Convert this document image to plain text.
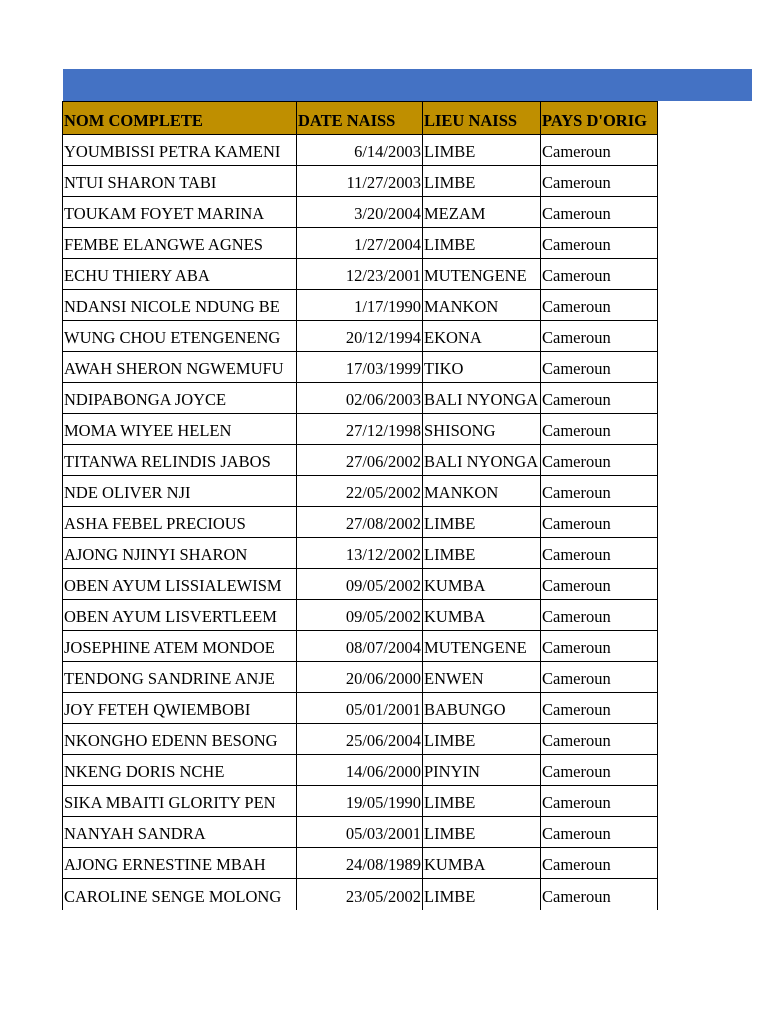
NOM COMPLETE	DATE NAISS	LIEU NAISS	PAYS D'ORIG
YOUMBISSI PETRA KAMENI	6/14/2003	LIMBE	Cameroun
NTUI SHARON TABI	11/27/2003	LIMBE	Cameroun
TOUKAM FOYET MARINA	3/20/2004	MEZAM	Cameroun
FEMBE ELANGWE AGNES	1/27/2004	LIMBE	Cameroun
ECHU THIERY ABA	12/23/2001	MUTENGENE	Cameroun
NDANSI NICOLE NDUNG BE	1/17/1990	MANKON	Cameroun
WUNG CHOU ETENGENENG	20/12/1994	EKONA	Cameroun
AWAH SHERON NGWEMUFU	17/03/1999	TIKO	Cameroun
NDIPABONGA JOYCE	02/06/2003	BALI NYONGA	Cameroun
MOMA WIYEE HELEN	27/12/1998	SHISONG	Cameroun
TITANWA RELINDIS JABOS	27/06/2002	BALI NYONGA	Cameroun
NDE OLIVER NJI	22/05/2002	MANKON	Cameroun
ASHA FEBEL PRECIOUS	27/08/2002	LIMBE	Cameroun
AJONG NJINYI SHARON	13/12/2002	LIMBE	Cameroun
OBEN AYUM LISSIALEWISM	09/05/2002	KUMBA	Cameroun
OBEN AYUM LISVERTLEEM	09/05/2002	KUMBA	Cameroun
JOSEPHINE ATEM MONDOE	08/07/2004	MUTENGENE	Cameroun
TENDONG SANDRINE ANJE	20/06/2000	ENWEN	Cameroun
JOY FETEH QWIEMBOBI	05/01/2001	BABUNGO	Cameroun
NKONGHO EDENN BESONG	25/06/2004	LIMBE	Cameroun
NKENG DORIS NCHE	14/06/2000	PINYIN	Cameroun
SIKA MBAITI GLORITY PEN	19/05/1990	LIMBE	Cameroun
NANYAH SANDRA	05/03/2001	LIMBE	Cameroun
AJONG ERNESTINE MBAH	24/08/1989	KUMBA	Cameroun
CAROLINE SENGE MOLONG	23/05/2002	LIMBE	Cameroun
